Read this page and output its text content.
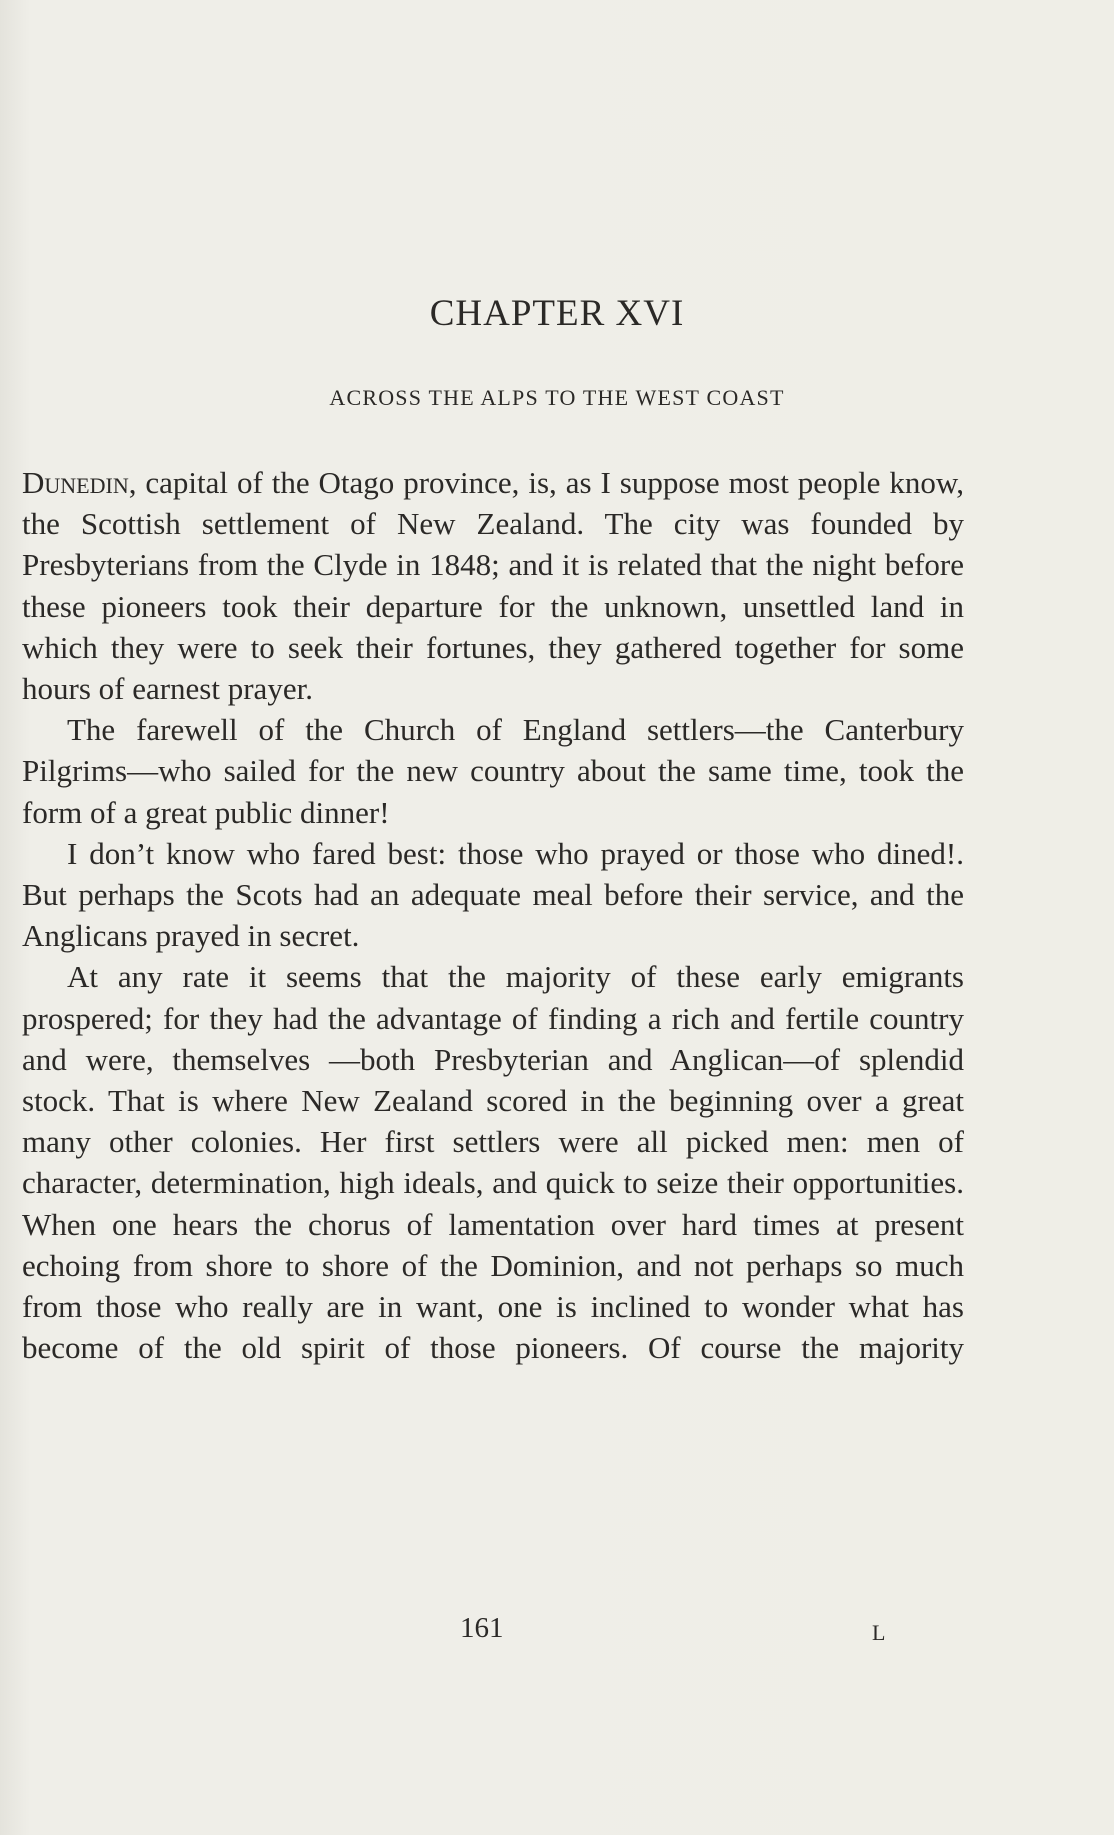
CHAPTER XVI
ACROSS THE ALPS TO THE WEST COAST

Dunedin, capital of the Otago province, is, as I suppose most people know, the Scottish settlement of New Zealand. The city was founded by Presbyterians from the Clyde in 1848; and it is related that the night before these pioneers took their departure for the unknown, unsettled land in which they were to seek their fortunes, they gathered together for some hours of earnest prayer.

The farewell of the Church of England settlers—the Canterbury Pilgrims—who sailed for the new country about the same time, took the form of a great public dinner!

I don’t know who fared best: those who prayed or those who dined!. But perhaps the Scots had an adequate meal before their service, and the Anglicans prayed in secret.

At any rate it seems that the majority of these early emigrants prospered; for they had the advantage of finding a rich and fertile country and were, themselves —both Presbyterian and Anglican—of splendid stock. That is where New Zealand scored in the beginning over a great many other colonies. Her first settlers were all picked men: men of character, determination, high ideals, and quick to seize their opportunities. When one hears the chorus of lamentation over hard times at present echoing from shore to shore of the Dominion, and not perhaps so much from those who really are in want, one is inclined to wonder what has become of the old spirit of those pioneers. Of course the majority

161	L
